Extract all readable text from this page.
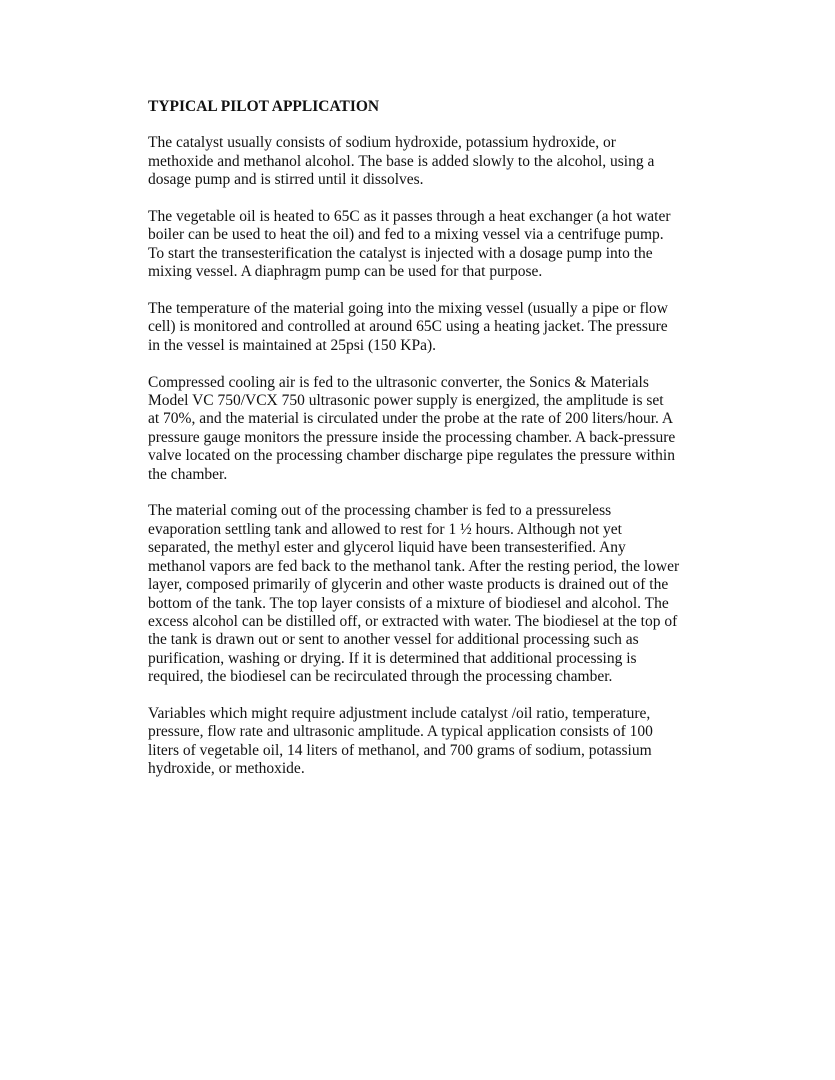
TYPICAL PILOT APPLICATION

The catalyst usually consists of sodium hydroxide, potassium hydroxide, or
methoxide and methanol alcohol. The base is added slowly to the alcohol, using a
dosage pump and is stirred until it dissolves.

The vegetable oil is heated to 65C as it passes through a heat exchanger (a hot water
boiler can be used to heat the oil) and fed to a mixing vessel via a centrifuge pump.
To start the transesterification the catalyst is injected with a dosage pump into the
mixing vessel. A diaphragm pump can be used for that purpose.

The temperature of the material going into the mixing vessel (usually a pipe or flow
cell) is monitored and controlled at around 65C using a heating jacket. The pressure
in the vessel is maintained at 25psi (150 KPa).

Compressed cooling air is fed to the ultrasonic converter, the Sonics & Materials
Model VC 750/VCX 750 ultrasonic power supply is energized, the amplitude is set
at 70%, and the material is circulated under the probe at the rate of 200 liters/hour. A
pressure gauge monitors the pressure inside the processing chamber. A back-pressure
valve located on the processing chamber discharge pipe regulates the pressure within
the chamber.

The material coming out of the processing chamber is fed to a pressureless
evaporation settling tank and allowed to rest for 1 ½ hours. Although not yet
separated, the methyl ester and glycerol liquid have been transesterified. Any
methanol vapors are fed back to the methanol tank. After the resting period, the lower
layer, composed primarily of glycerin and other waste products is drained out of the
bottom of the tank. The top layer consists of a mixture of biodiesel and alcohol. The
excess alcohol can be distilled off, or extracted with water. The biodiesel at the top of
the tank is drawn out or sent to another vessel for additional processing such as
purification, washing or drying. If it is determined that additional processing is
required, the biodiesel can be recirculated through the processing chamber.

Variables which might require adjustment include catalyst /oil ratio, temperature,
pressure, flow rate and ultrasonic amplitude. A typical application consists of 100
liters of vegetable oil, 14 liters of methanol, and 700 grams of sodium, potassium
hydroxide, or methoxide.
